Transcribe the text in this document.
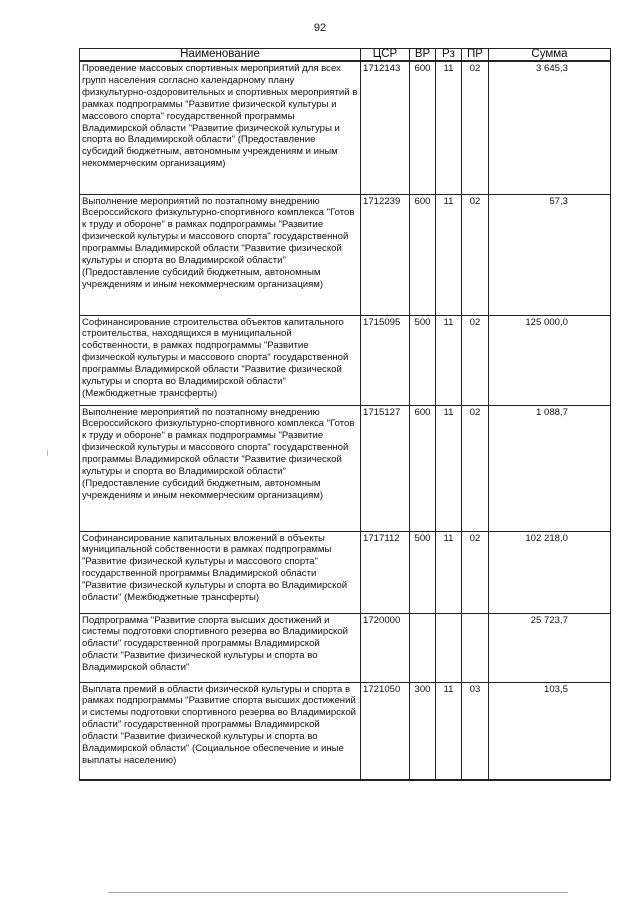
92
Наименование	ЦСР	ВР	Рз	ПР	Сумма
Проведение массовых спортивных мероприятий для всех групп населения согласно календарному плану физкультурно-оздоровительных и спортивных мероприятий в рамках подпрограммы "Развитие физической культуры и массового спорта" государственной программы Владимирской области "Развитие физической культуры и спорта во Владимирской области" (Предоставление субсидий бюджетным, автономным учреждениям и иным некоммерческим организациям)	1712143	600	11	02	3 645,3
Выполнение мероприятий по поэтапному внедрению Всероссийского физкультурно-спортивного комплекса "Готов к труду и обороне" в рамках подпрограммы "Развитие физической культуры и массового спорта" государственной программы Владимирской области "Развитие физической культуры и спорта во Владимирской области" (Предоставление субсидий бюджетным, автономным учреждениям и иным некоммерческим организациям)	1712239	600	11	02	57,3
Софинансирование строительства объектов капитального строительства, находящихся в муниципальной собственности, в рамках подпрограммы "Развитие физической культуры и массового спорта" государственной программы Владимирской области "Развитие физической культуры и спорта во Владимирской области" (Межбюджетные трансферты)	1715095	500	11	02	125 000,0
Выполнение мероприятий по поэтапному внедрению Всероссийского физкультурно-спортивного комплекса "Готов к труду и обороне" в рамках подпрограммы "Развитие физической культуры и массового спорта" государственной программы Владимирской области "Развитие физической культуры и спорта во Владимирской области" (Предоставление субсидий бюджетным, автономным учреждениям и иным некоммерческим организациям)	1715127	600	11	02	1 088,7
Софинансирование капитальных вложений в объекты муниципальной собственности в рамках подпрограммы "Развитие физической культуры и массового спорта" государственной программы Владимирской области "Развитие физической культуры и спорта во Владимирской области" (Межбюджетные трансферты)	1717112	500	11	02	102 218,0
Подпрограмма "Развитие спорта высших достижений и системы подготовки спортивного резерва во Владимирской области" государственной программы Владимирской области "Развитие физической культуры и спорта во Владимирской области"	1720000				25 723,7
Выплата премий в области физической культуры и спорта в рамках подпрограммы "Развитие спорта высших достижений и системы подготовки спортивного резерва во Владимирской области" государственной программы Владимирской области "Развитие физической культуры и спорта во Владимирской области" (Социальное обеспечение и иные выплаты населению)	1721050	300	11	03	103,5
